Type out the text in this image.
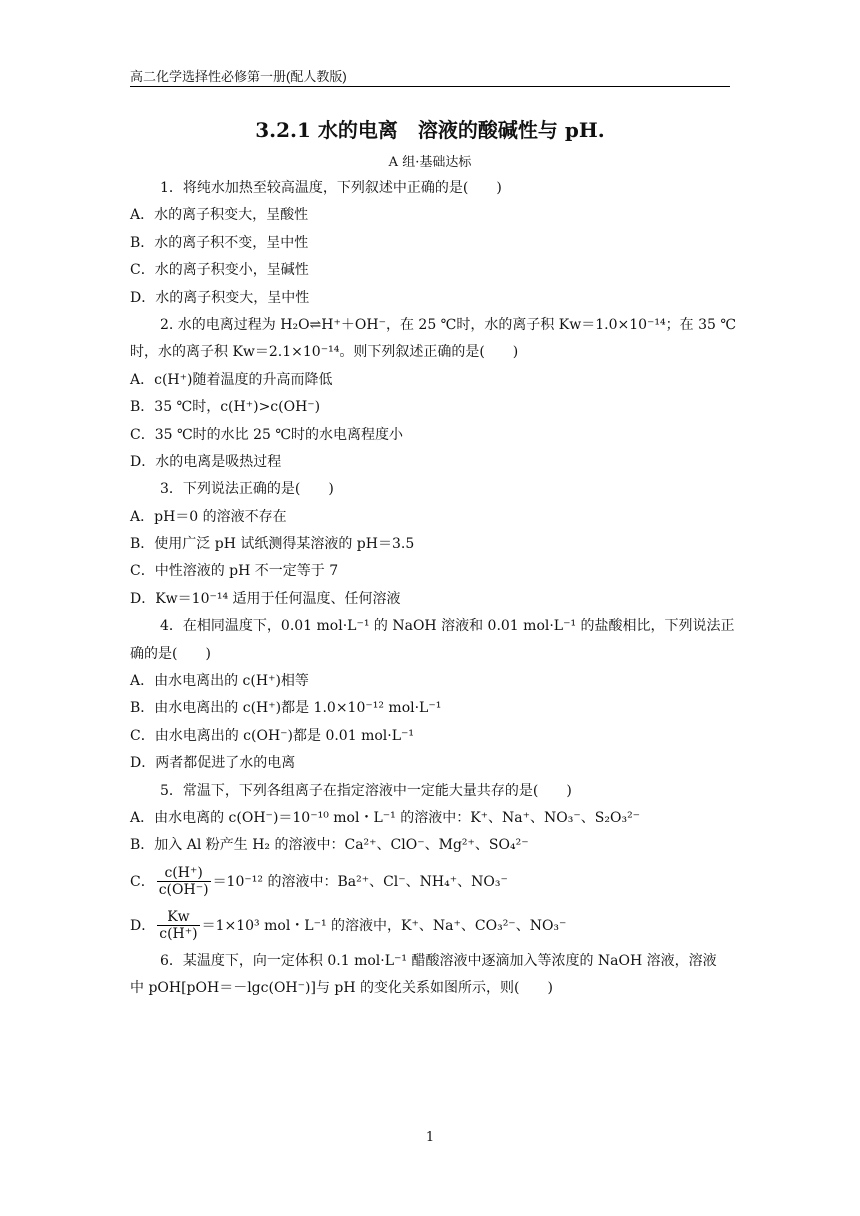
高二化学选择性必修第一册(配人教版)
3.2.1 水的电离　溶液的酸碱性与 pH.
A 组·基础达标
1．将纯水加热至较高温度，下列叙述中正确的是(　　)
A．水的离子积变大，呈酸性
B．水的离子积不变，呈中性
C．水的离子积变小，呈碱性
D．水的离子积变大，呈中性
2. 水的电离过程为 H₂O⇌H⁺＋OH⁻，在 25 ℃时，水的离子积 Kw＝1.0×10⁻¹⁴；在 35 ℃
时，水的离子积 Kw＝2.1×10⁻¹⁴。则下列叙述正确的是(　　)
A．c(H⁺)随着温度的升高而降低
B．35 ℃时，c(H⁺)>c(OH⁻)
C．35 ℃时的水比 25 ℃时的水电离程度小
D．水的电离是吸热过程
3．下列说法正确的是(　　)
A．pH＝0 的溶液不存在
B．使用广泛 pH 试纸测得某溶液的 pH＝3.5
C．中性溶液的 pH 不一定等于 7
D．Kw＝10⁻¹⁴ 适用于任何温度、任何溶液
4．在相同温度下，0.01 mol·L⁻¹ 的 NaOH 溶液和 0.01 mol·L⁻¹ 的盐酸相比，下列说法正
确的是(　　)
A．由水电离出的 c(H⁺)相等
B．由水电离出的 c(H⁺)都是 1.0×10⁻¹² mol·L⁻¹
C．由水电离出的 c(OH⁻)都是 0.01 mol·L⁻¹
D．两者都促进了水的电离
5．常温下，下列各组离子在指定溶液中一定能大量共存的是(　　)
A．由水电离的 c(OH⁻)＝10⁻¹⁰ mol・L⁻¹ 的溶液中：K⁺、Na⁺、NO₃⁻、S₂O₃²⁻
B．加入 Al 粉产生 H₂ 的溶液中：Ca²⁺、ClO⁻、Mg²⁺、SO₄²⁻
C． $\frac{c(H^+)}{c(OH^-)} =10^{-12}$ 的溶液中：Ba²⁺、Cl⁻、NH₄⁺、NO₃⁻
D． $\frac{Kw}{c(H^+)} =1\times 10^3$ mol・L⁻¹ 的溶液中，K⁺、Na⁺、CO₃²⁻、NO₃⁻
6．某温度下，向一定体积 0.1 mol·L⁻¹ 醋酸溶液中逐滴加入等浓度的 NaOH 溶液，溶液
中 pOH[pOH＝－lgc(OH⁻)]与 pH 的变化关系如图所示，则(　　)
1
